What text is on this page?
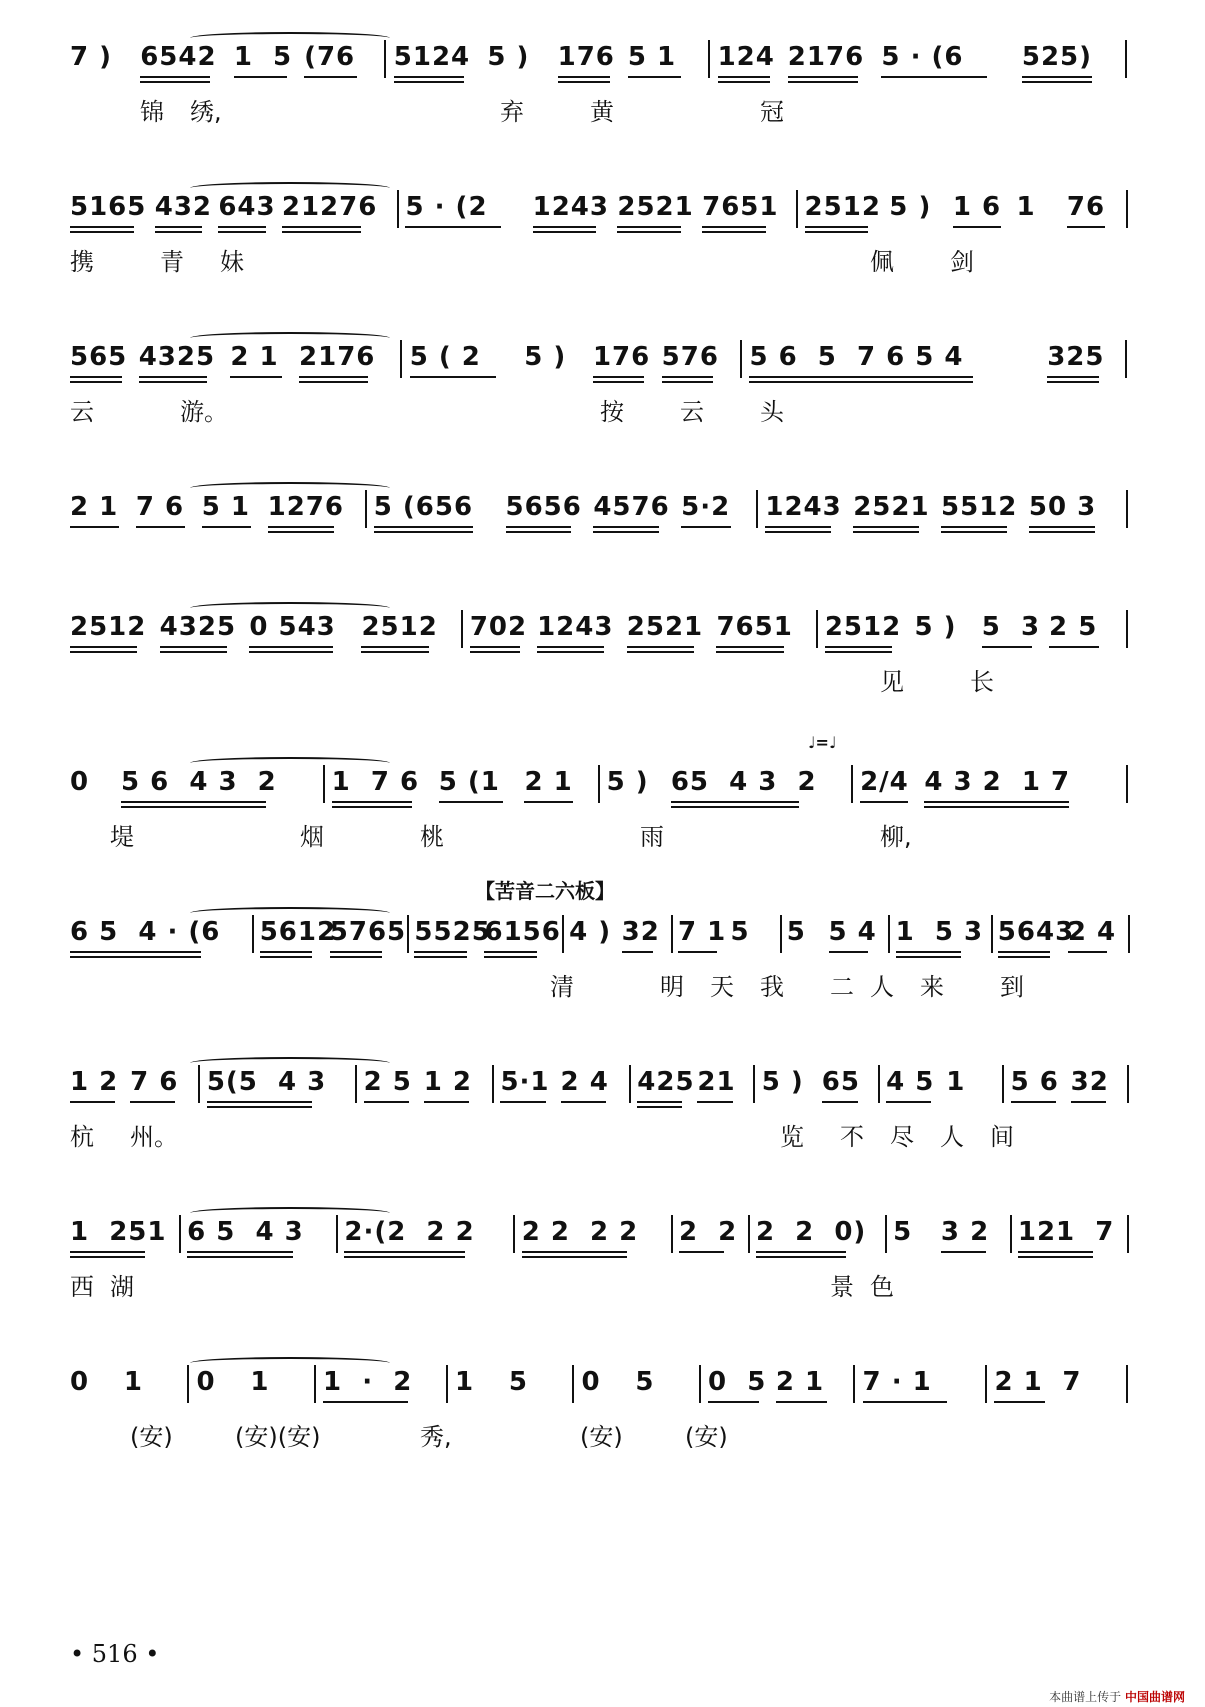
7 ) 6542 1  5 (76 5124 5 ) 176 5 1 124 2176 5 · (6 525)
锦 绣,	弃	黄	冠
5165 432 643 21276 5 · (2 1243 2521 7651 2512 5 ) 1 6 1 76
携	青 妹	佩 剑
565 4325 2 1 2176 5 ( 2 5 ) 176 576 5 6  5  7 6 5 4	325
云	游。	按 云 头
2 1 7 6 5 1 1276 5 (656 5656 4576 5·2 1243 2521 5512 50 3
2512 4325 0 543 2512 702 1243 2521 7651 2512 5 ) 5  3 2 5
见	长
0 5 6  4 3  2 1  7 6 5 (1 2 1 5 ) 65  4 3  2 2/4 4 3 2  1 7
堤	烟	桃	雨	柳,
6 5  4 · (6 5612
5765 5525
6156 4 ) 32 7 1 5 5 5 4 1  5 3 5643
2 4
清	明 天 我 二 人 来 到
1 2 7 6 5(5  4 3 2 5 1 2 5·1 2 4 425 21 5 ) 65 4 5 1 5 6 32
杭 州。	览 不 尽 人 间
1  251 6 5  4 3 2·(2  2 2 2 2  2 2 2  2 2  2  0) 5 3 2 121  7
西 湖	景 色
0 1 0 1 1  ·  2 1 5 0 5 0  5 2 1 7 · 1 2 1 7
(安)	(安)(安)	秀,	(安)	(安)
【苦音二六板】
♩=♩
• 516 •
本曲谱上传于 中国曲谱网
